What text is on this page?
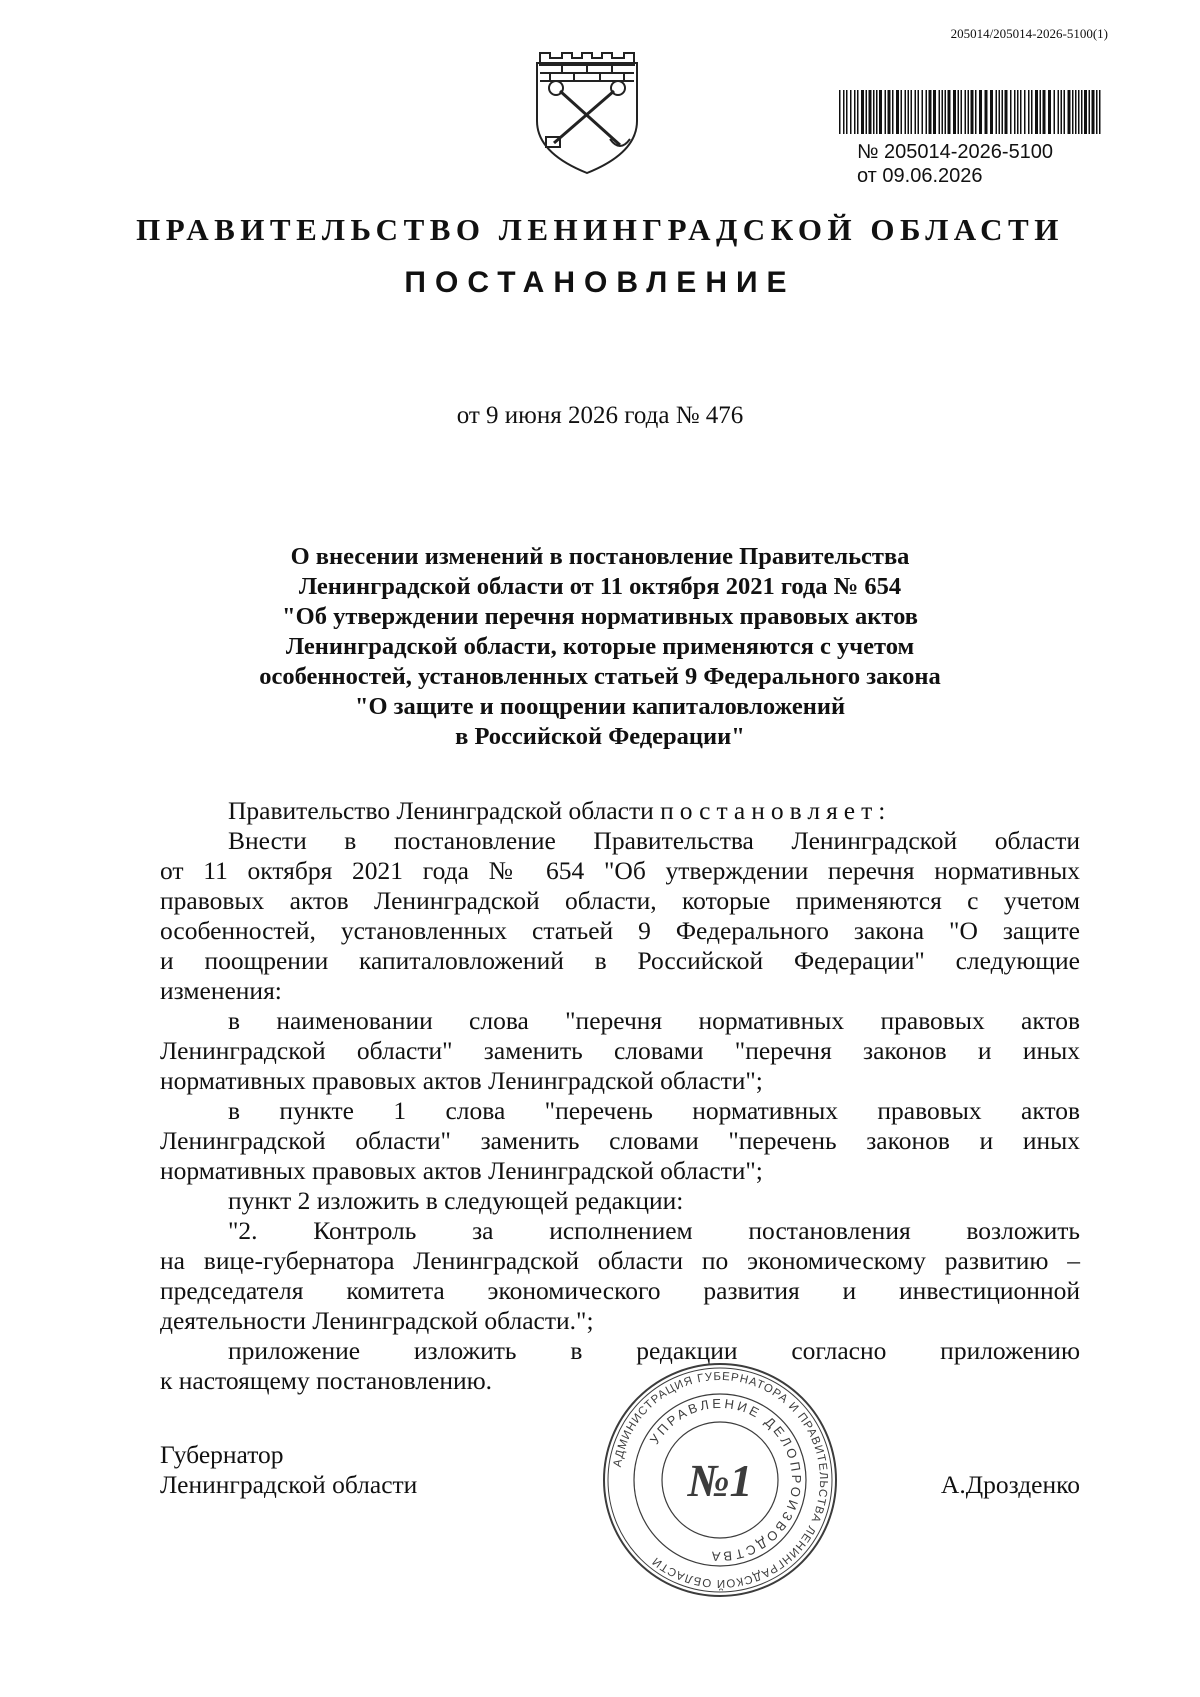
205014/205014-2026-5100(1)
№ 205014-2026-5100
от 09.06.2026
ПРАВИТЕЛЬСТВО ЛЕНИНГРАДСКОЙ ОБЛАСТИ
ПОСТАНОВЛЕНИЕ
от 9 июня 2026 года № 476
О внесении изменений в постановление Правительства
Ленинградской области от 11 октября 2021 года № 654
"Об утверждении перечня нормативных правовых актов
Ленинградской области, которые применяются с учетом
особенностей, установленных статьей 9 Федерального закона
"О защите и поощрении капиталовложений
в Российской Федерации"
Правительство Ленинградской области постановляет:
Внести в постановление Правительства Ленинградской области
от 11 октября 2021 года № 654 "Об утверждении перечня нормативных
правовых актов Ленинградской области, которые применяются с учетом
особенностей, установленных статьей 9 Федерального закона "О защите
и поощрении капиталовложений в Российской Федерации" следующие
изменения:
в наименовании слова "перечня нормативных правовых актов
Ленинградской области" заменить словами "перечня законов и иных
нормативных правовых актов Ленинградской области";
в пункте 1 слова "перечень нормативных правовых актов
Ленинградской области" заменить словами "перечень законов и иных
нормативных правовых актов Ленинградской области";
пункт 2 изложить в следующей редакции:
"2. Контроль за исполнением постановления возложить
на вице-губернатора Ленинградской области по экономическому развитию –
председателя комитета экономического развития и инвестиционной
деятельности Ленинградской области.";
приложение изложить в редакции согласно приложению
к настоящему постановлению.
АДМИНИСТРАЦИЯ ГУБЕРНАТОРА И ПРАВИТЕЛЬСТВА ЛЕНИНГРАДСКОЙ ОБЛАСТИ
УПРАВЛЕНИЕ ДЕЛОПРОИЗВОДСТВА
№1
Губернатор
Ленинградской области	А.Дрозденко
